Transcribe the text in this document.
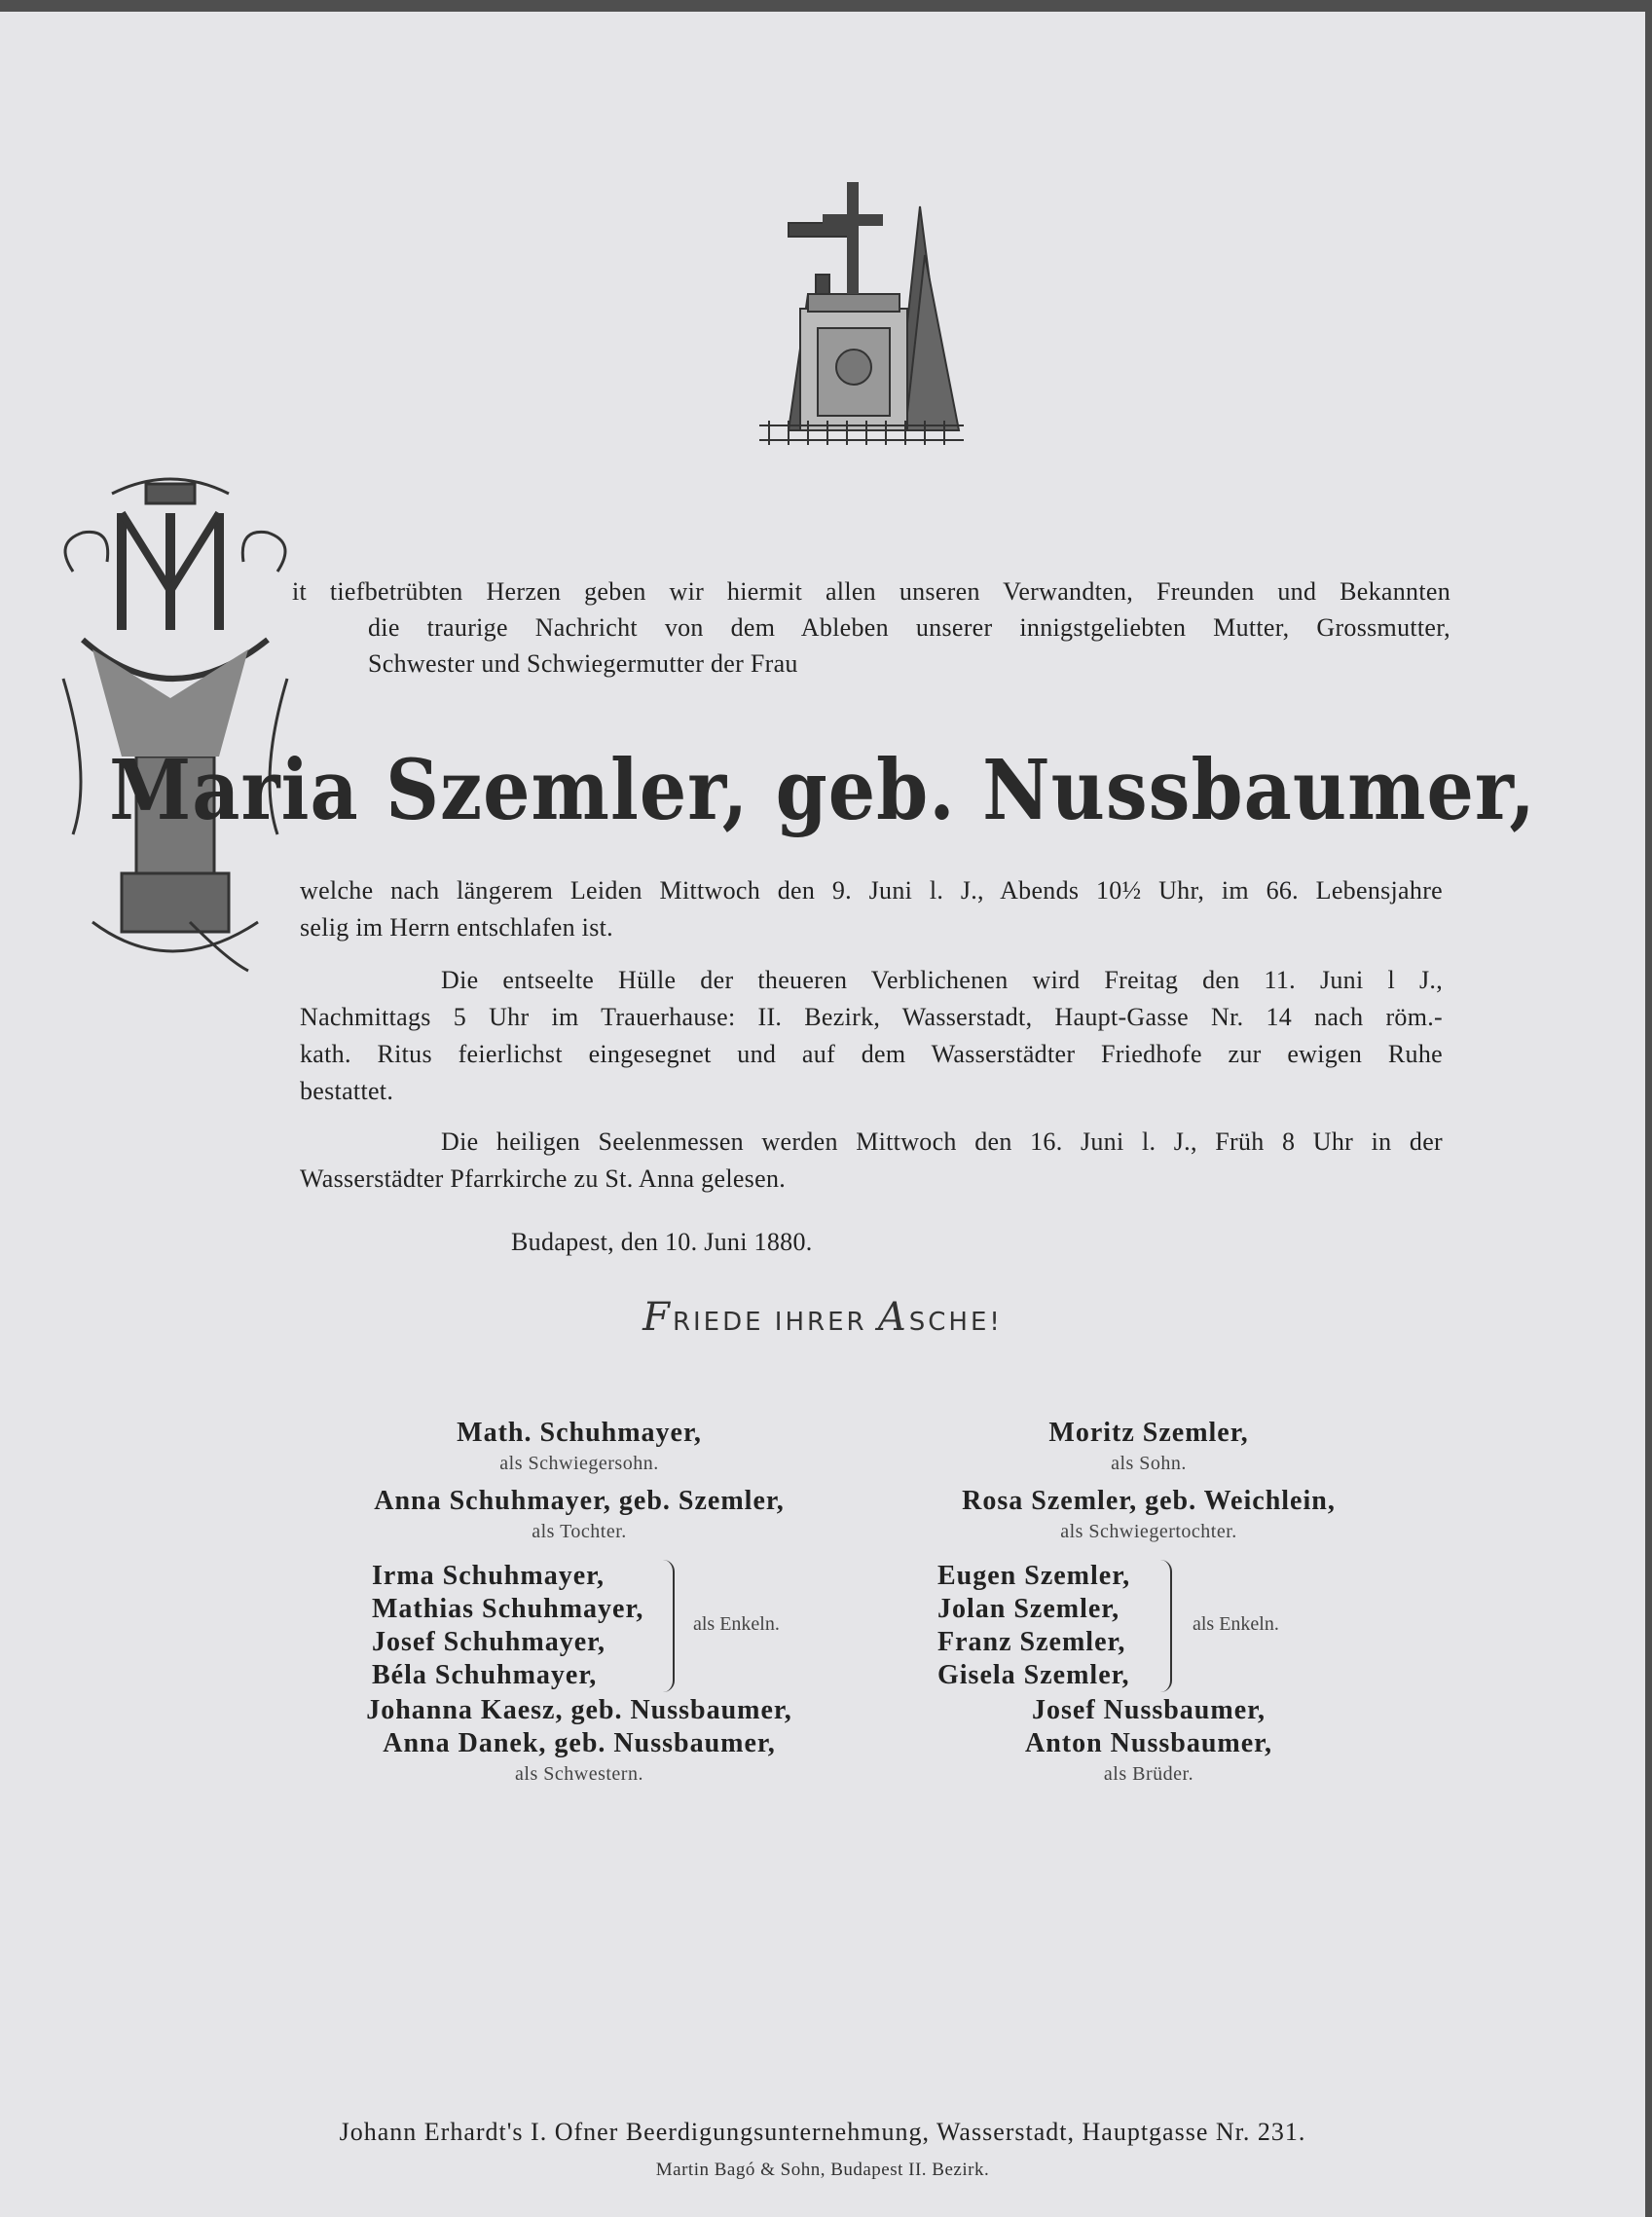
it tiefbetrübten Herzen geben wir hiermit allen unseren Verwandten, Freunden und Bekannten
die traurige Nachricht von dem Ableben unserer innigstgeliebten Mutter, Grossmutter,
Schwester und Schwiegermutter der Frau
Maria Szemler, geb. Nussbaumer,
welche nach längerem Leiden Mittwoch den 9. Juni l. J., Abends 10½ Uhr, im 66. Lebensjahre
selig im Herrn entschlafen ist.
Die entseelte Hülle der theueren Verblichenen wird Freitag den 11. Juni l J.,
Nachmittags 5 Uhr im Trauerhause: II. Bezirk, Wasserstadt, Haupt-Gasse Nr. 14 nach röm.-
kath. Ritus feierlichst eingesegnet und auf dem Wasserstädter Friedhofe zur ewigen Ruhe
bestattet.
Die heiligen Seelenmessen werden Mittwoch den 16. Juni l. J., Früh 8 Uhr in der
Wasserstädter Pfarrkirche zu St. Anna gelesen.
Budapest, den 10. Juni 1880.
FRIEDE IHRER ASCHE!
Math. Schuhmayer,
als Schwiegersohn.
Anna Schuhmayer, geb. Szemler,
als Tochter.
Irma Schuhmayer,
Mathias Schuhmayer,
Josef Schuhmayer,
Béla Schuhmayer,
als Enkeln.
Johanna Kaesz, geb. Nussbaumer,
Anna Danek, geb. Nussbaumer,
als Schwestern.
Moritz Szemler,
als Sohn.
Rosa Szemler, geb. Weichlein,
als Schwiegertochter.
Eugen Szemler,
Jolan Szemler,
Franz Szemler,
Gisela Szemler,
als Enkeln.
Josef Nussbaumer,
Anton Nussbaumer,
als Brüder.
Johann Erhardt's I. Ofner Beerdigungsunternehmung, Wasserstadt, Hauptgasse Nr. 231.
Martin Bagó & Sohn, Budapest II. Bezirk.
